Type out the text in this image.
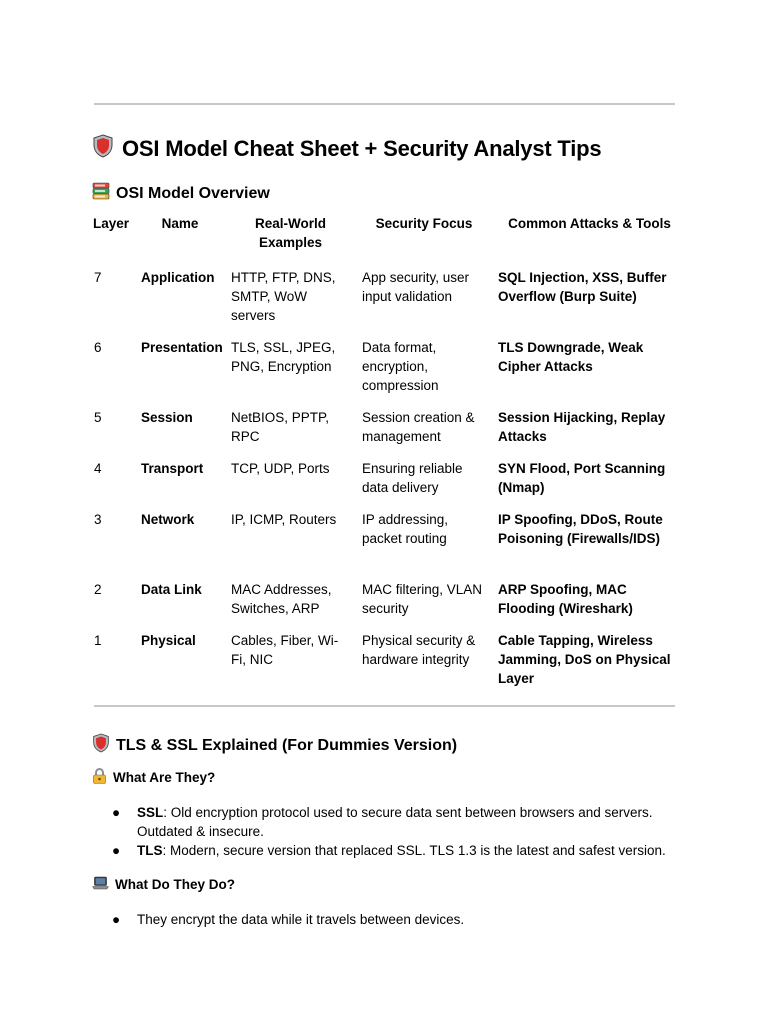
OSI Model Cheat Sheet + Security Analyst Tips
OSI Model Overview
Layer	Name	Real-World Examples	Security Focus	Common Attacks & Tools
7	Application	HTTP, FTP, DNS, SMTP, WoW servers	App security, user input validation	SQL Injection, XSS, Buffer Overflow (Burp Suite)
6	Presentation	TLS, SSL, JPEG, PNG, Encryption	Data format, encryption, compression	TLS Downgrade, Weak Cipher Attacks
5	Session	NetBIOS, PPTP, RPC	Session creation & management	Session Hijacking, Replay Attacks
4	Transport	TCP, UDP, Ports	Ensuring reliable data delivery	SYN Flood, Port Scanning (Nmap)
3	Network	IP, ICMP, Routers	IP addressing, packet routing	IP Spoofing, DDoS, Route Poisoning (Firewalls/IDS)
2	Data Link	MAC Addresses, Switches, ARP	MAC filtering, VLAN security	ARP Spoofing, MAC Flooding (Wireshark)
1	Physical	Cables, Fiber, Wi-Fi, NIC	Physical security & hardware integrity	Cable Tapping, Wireless Jamming, DoS on Physical Layer
TLS & SSL Explained (For Dummies Version)
What Are They?
● SSL: Old encryption protocol used to secure data sent between browsers and servers. Outdated & insecure.
● TLS: Modern, secure version that replaced SSL. TLS 1.3 is the latest and safest version.
What Do They Do?
● They encrypt the data while it travels between devices.
